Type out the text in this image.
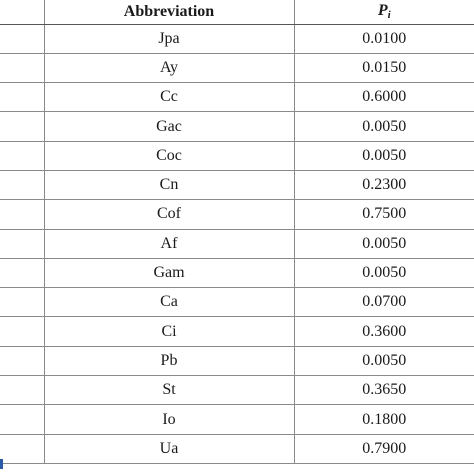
	Abbreviation	$P_i$
	Jpa	0.0100
	Ay	0.0150
	Cc	0.6000
	Gac	0.0050
	Coc	0.0050
	Cn	0.2300
	Cof	0.7500
	Af	0.0050
	Gam	0.0050
	Ca	0.0700
	Ci	0.3600
	Pb	0.0050
	St	0.3650
	Io	0.1800
	Ua	0.7900
